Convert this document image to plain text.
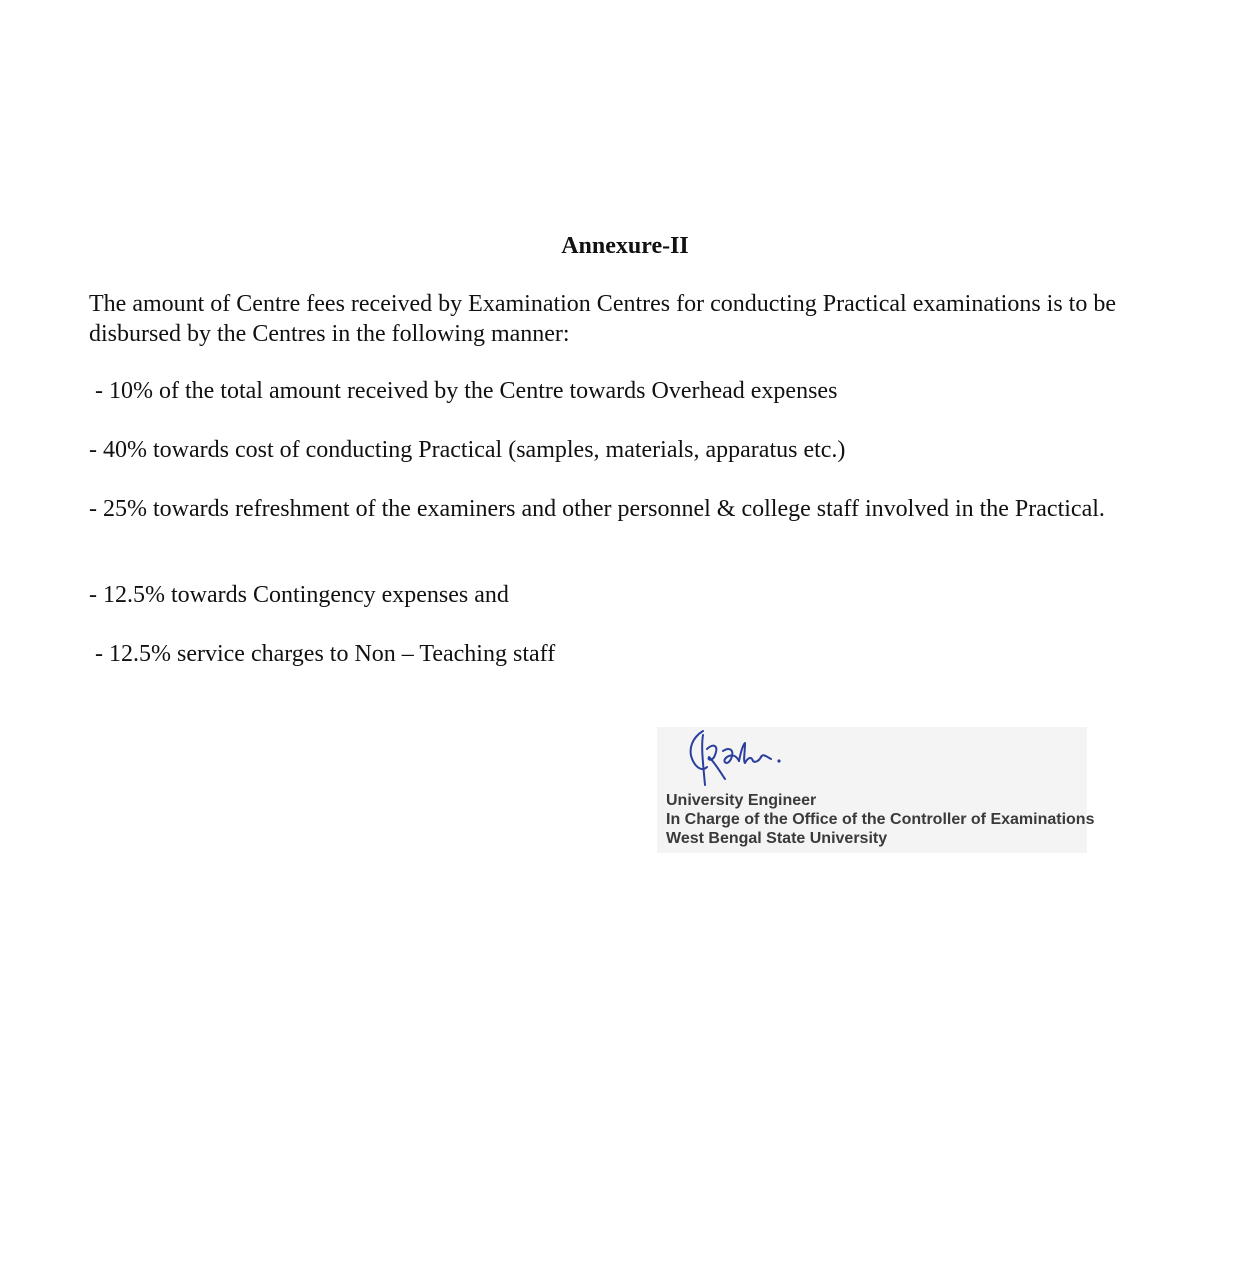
Annexure-II
The amount of Centre fees received by Examination Centres for conducting Practical examinations is to be disbursed by the Centres in the following manner:
- 10% of the total amount received by the Centre towards Overhead expenses
- 40% towards cost of conducting Practical (samples, materials, apparatus etc.)
- 25% towards refreshment of the examiners and other personnel & college staff involved in the Practical.
- 12.5% towards Contingency expenses and
- 12.5% service charges to Non – Teaching staff
University Engineer
In Charge of the Office of the Controller of Examinations
West Bengal State University
